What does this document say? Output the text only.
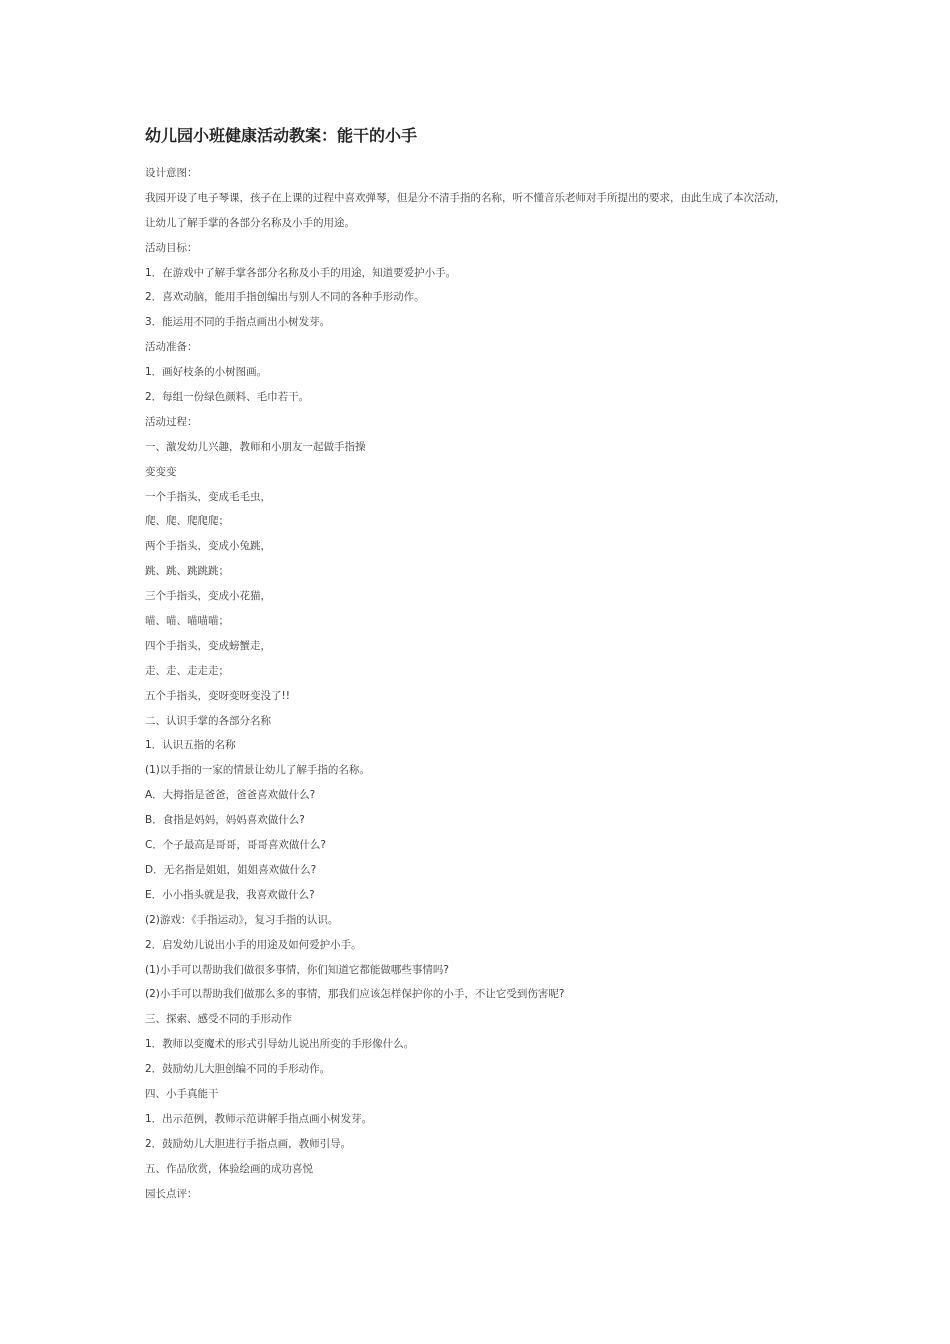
幼儿园小班健康活动教案：能干的小手
设计意图：
我园开设了电子琴课，孩子在上课的过程中喜欢弹琴，但是分不清手指的名称，听不懂音乐老师对手所提出的要求，由此生成了本次活动，
让幼儿了解手掌的各部分名称及小手的用途。
活动目标：
1．在游戏中了解手掌各部分名称及小手的用途，知道要爱护小手。
2．喜欢动脑，能用手指创编出与别人不同的各种手形动作。
3．能运用不同的手指点画出小树发芽。
活动准备：
1．画好枝条的小树图画。
2．每组一份绿色颜料、毛巾若干。
活动过程：
一、激发幼儿兴趣，教师和小朋友一起做手指操
变变变
一个手指头，变成毛毛虫，
爬、爬、爬爬爬；
两个手指头，变成小兔跳，
跳、跳、跳跳跳；
三个手指头，变成小花猫，
喵、喵、喵喵喵；
四个手指头，变成螃蟹走，
走、走、走走走；
五个手指头，变呀变呀变没了!!
二、认识手掌的各部分名称
1．认识五指的名称
(1)以手指的一家的情景让幼儿了解手指的名称。
A．大拇指是爸爸，爸爸喜欢做什么?
B．食指是妈妈，妈妈喜欢做什么?
C．个子最高是哥哥，哥哥喜欢做什么?
D．无名指是姐姐，姐姐喜欢做什么?
E．小小指头就是我，我喜欢做什么?
(2)游戏：《手指运动》，复习手指的认识。
2．启发幼儿说出小手的用途及如何爱护小手。
(1)小手可以帮助我们做很多事情，你们知道它都能做哪些事情吗?
(2)小手可以帮助我们做那么多的事情，那我们应该怎样保护你的小手，不让它受到伤害呢?
三、探索、感受不同的手形动作
1．教师以变魔术的形式引导幼儿说出所变的手形像什么。
2．鼓励幼儿大胆创编不同的手形动作。
四、小手真能干
1．出示范例，教师示范讲解手指点画小树发芽。
2．鼓励幼儿大胆进行手指点画，教师引导。
五、作品欣赏，体验绘画的成功喜悦
园长点评：
